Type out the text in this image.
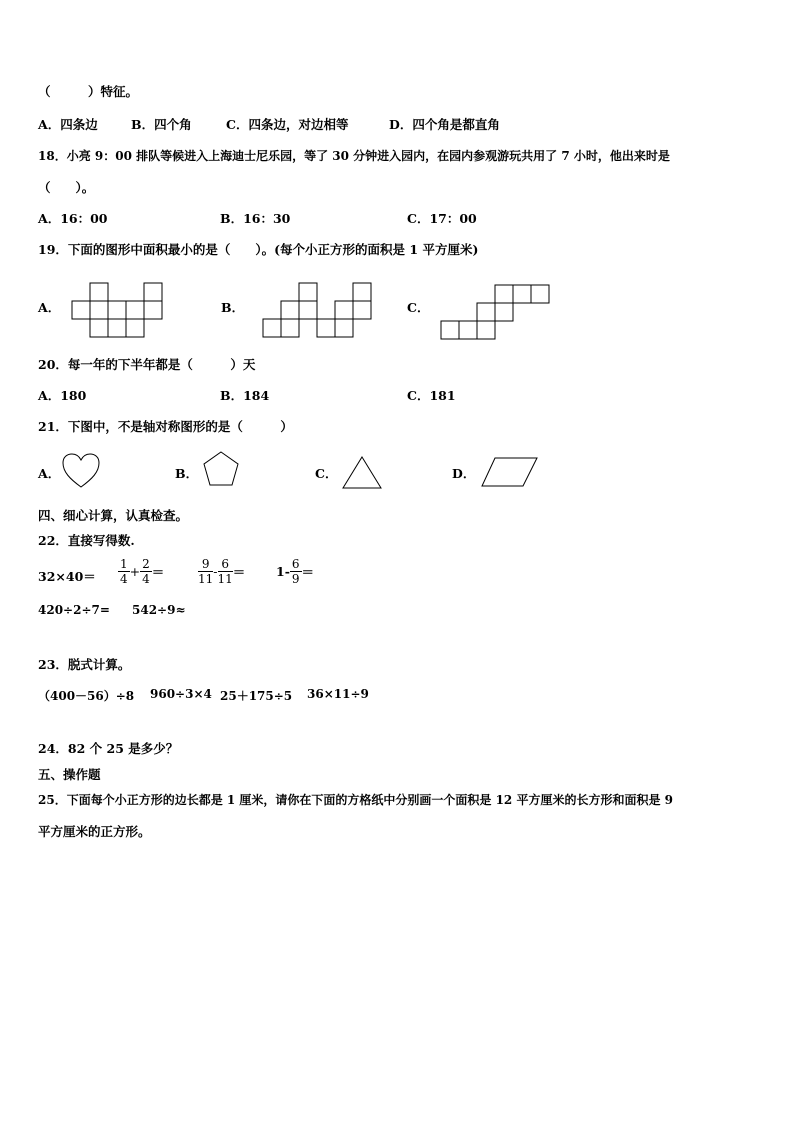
（　　　）特征。
A．四条边	B．四个角	C．四条边，对边相等	D．四个角是都直角
18．小亮 9：00 排队等候进入上海迪士尼乐园，等了 30 分钟进入园内，在园内参观游玩共用了 7 小时，他出来时是
（　　）。
A．16：00	B．16：30	C．17：00
19．下面的图形中面积最小的是（　　）。(每个小正方形的面积是 1 平方厘米)
A．	B．	C．
20．每一年的下半年都是（　　　）天
A．180	B．184	C．181
21．下图中，不是轴对称图形的是（　　　）
A．	B．	C．	D．
四、细心计算，认真检查。
22．直接写得数.
$32\times 40= \frac{1}{4} + \frac{2}{4}$ ＝	$\frac{9}{11} - \frac{6}{11} = 1- \frac{6}{9}$ ＝
420÷2÷7= 542÷9≈
23．脱式计算。
（400－56）÷8 960÷3×4 25＋175÷5 36×11÷9
24．82 个 25 是多少？
五、操作题
25．下面每个小正方形的边长都是 1 厘米，请你在下面的方格纸中分别画一个面积是 12 平方厘米的长方形和面积是 9
平方厘米的正方形。
